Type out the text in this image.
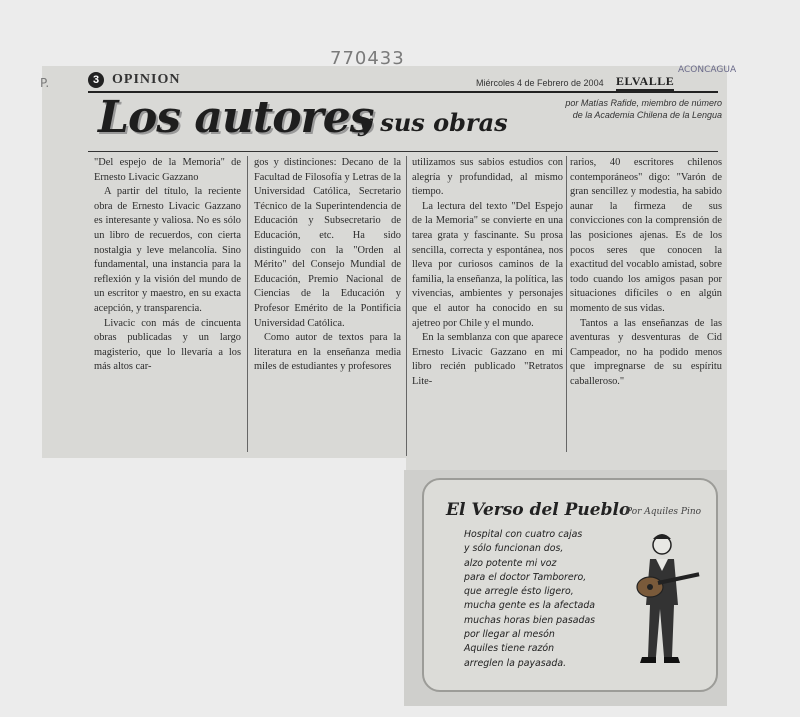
P.
770433
ACONCAGUA
3 OPINION	Miércoles 4 de Febrero de 2004 ELVALLE
Los autores
y sus obras
por Matías Rafide, miembro de número de la Academia Chilena de la Lengua

"Del espejo de la Memoria" de Ernesto Livacic Gazzano

A partir del título, la reciente obra de Ernesto Livacic Gazzano es interesante y valiosa. No es sólo un libro de recuerdos, con cierta nostalgia y leve melancolía. Sino fundamental, una instancia para la reflexión y la visión del mundo de un escritor y maestro, en su exacta acepción, y transparencia.

Livacic con más de cincuenta obras publicadas y un largo magisterio, que lo llevaría a los más altos car-

gos y distinciones: Decano de la Facultad de Filosofía y Letras de la Universidad Católica, Secretario Técnico de la Superintendencia de Educación y Subsecretario de Educación, etc. Ha sido distinguido con la "Orden al Mérito" del Consejo Mundial de Educación, Premio Nacional de Ciencias de la Educación y Profesor Emérito de la Pontificia Universidad Católica.

Como autor de textos para la literatura en la enseñanza media miles de estudiantes y profesores

utilizamos sus sabios estudios con alegría y profundidad, al mismo tiempo.

La lectura del texto "Del Espejo de la Memoria" se convierte en una tarea grata y fascinante. Su prosa sencilla, correcta y espontánea, nos lleva por curiosos caminos de la familia, la enseñanza, la política, las vivencias, ambientes y personajes que el autor ha conocido en su ajetreo por Chile y el mundo.

En la semblanza con que aparece Ernesto Livacic Gazzano en mi libro recién publicado "Retratos Lite-

rarios, 40 escritores chilenos contemporáneos" digo: "Varón de gran sencillez y modestia, ha sabido aunar la firmeza de sus convicciones con la comprensión de las posiciones ajenas. Es de los pocos seres que conocen la exactitud del vocablo amistad, sobre todo cuando los amigos pasan por situaciones difíciles o en algún momento de sus vidas.

Tantos a las enseñanzas de las aventuras y desventuras de Cid Campeador, no ha podido menos que impregnarse de su espíritu caballeroso."

El Verso del Pueblo
Por Aquiles Pino
Hospital con cuatro cajas
y sólo funcionan dos,
alzo potente mi voz
para el doctor Tamborero,
que arregle ésto ligero,
mucha gente es la afectada
muchas horas bien pasadas
por llegar al mesón
Aquiles tiene razón
arreglen la payasada.
